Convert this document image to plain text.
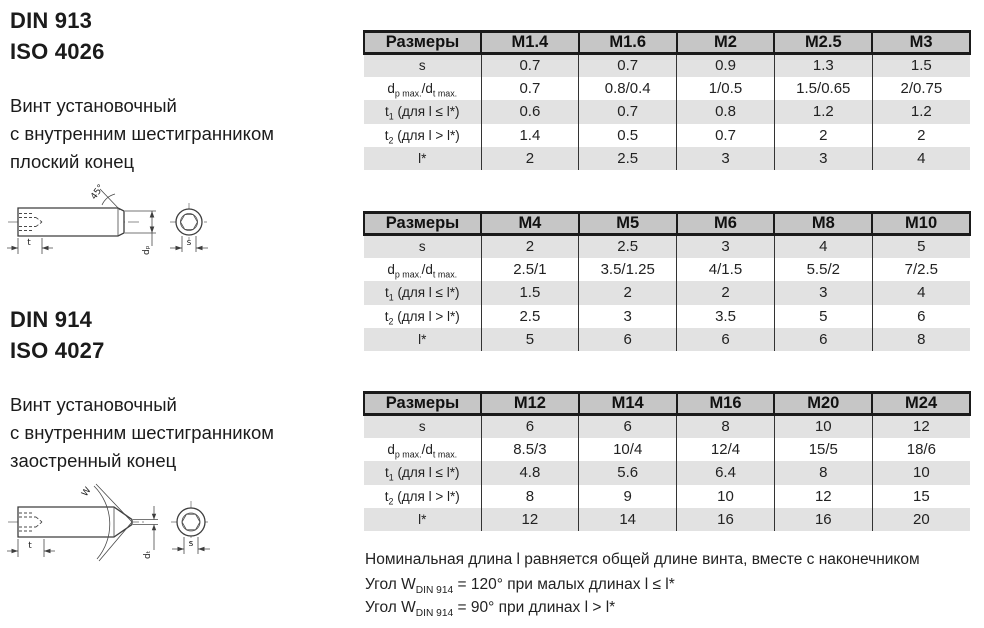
DIN 913
ISO 4026
Винт установочный
с внутренним шестигранником
плоский конец
45°
dₚ
t	s
DIN 914
ISO 4027
Винт установочный
с внутренним шестигранником
заостренный конец
W
dₜ
t	s
Размеры	M1.4	M1.6	M2	M2.5	M3
s	0.7	0.7	0.9	1.3	1.5
$d_{p max.}/d_{t max.}$	0.7	0.8/0.4	1/0.5	1.5/0.65	2/0.75
$t_1$ (для l ≤ l*)	0.6	0.7	0.8	1.2	1.2
$t_2$ (для l > l*)	1.4	0.5	0.7	2	2
l*	2	2.5	3	3	4
Размеры	M4	M5	M6	M8	M10
s	2	2.5	3	4	5
$d_{p max.}/d_{t max.}$	2.5/1	3.5/1.25	4/1.5	5.5/2	7/2.5
$t_1$ (для l ≤ l*)	1.5	2	2	3	4
$t_2$ (для l > l*)	2.5	3	3.5	5	6
l*	5	6	6	6	8
Размеры	M12	M14	M16	M20	M24
s	6	6	8	10	12
$d_{p max.}/d_{t max.}$	8.5/3	10/4	12/4	15/5	18/6
$t_1$ (для l ≤ l*)	4.8	5.6	6.4	8	10
$t_2$ (для l > l*)	8	9	10	12	15
l*	12	14	16	16	20

Номинальная длина l равняется общей длине винта, вместе с наконечником

Угол $W_{DIN 914} = 120^\circ$ при малых длинах l ≤ l*

Угол $W_{DIN 914} = 90^\circ$ при длинах l > l*
